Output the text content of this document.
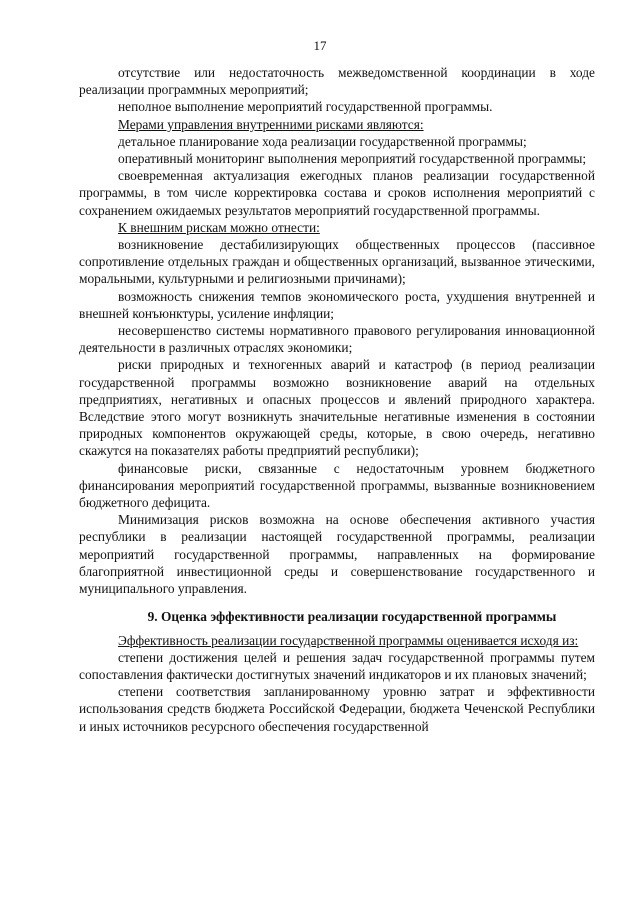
17

отсутствие или недостаточность межведомственной координации в ходе реализации программных мероприятий;

неполное выполнение мероприятий государственной программы.

Мерами управления внутренними рисками являются:

детальное планирование хода реализации государственной программы;

оперативный мониторинг выполнения мероприятий государственной программы;

своевременная актуализация ежегодных планов реализации государственной программы, в том числе корректировка состава и сроков исполнения мероприятий с сохранением ожидаемых результатов мероприятий государственной программы.

К внешним рискам можно отнести:

возникновение дестабилизирующих общественных процессов (пассивное сопротивление отдельных граждан и общественных организаций, вызванное этическими, моральными, культурными и религиозными причинами);

возможность снижения темпов экономического роста, ухудшения внутренней и внешней конъюнктуры, усиление инфляции;

несовершенство системы нормативного правового регулирования инновационной деятельности в различных отраслях экономики;

риски природных и техногенных аварий и катастроф (в период реализации государственной программы возможно возникновение аварий на отдельных предприятиях, негативных и опасных процессов и явлений природного характера. Вследствие этого могут возникнуть значительные негативные изменения в состоянии природных компонентов окружающей среды, которые, в свою очередь, негативно скажутся на показателях работы предприятий республики);

финансовые риски, связанные с недостаточным уровнем бюджетного финансирования мероприятий государственной программы, вызванные возникновением бюджетного дефицита.

Минимизация рисков возможна на основе обеспечения активного участия республики в реализации настоящей государственной программы, реализации мероприятий государственной программы, направленных на формирование благоприятной инвестиционной среды и совершенствование государственного и муниципального управления.

9. Оценка эффективности реализации государственной программы

Эффективность реализации государственной программы оценивается исходя из:

степени достижения целей и решения задач государственной программы путем сопоставления фактически достигнутых значений индикаторов и их плановых значений;

степени соответствия запланированному уровню затрат и эффективности использования средств бюджета Российской Федерации, бюджета Чеченской Республики и иных источников ресурсного обеспечения государственной
